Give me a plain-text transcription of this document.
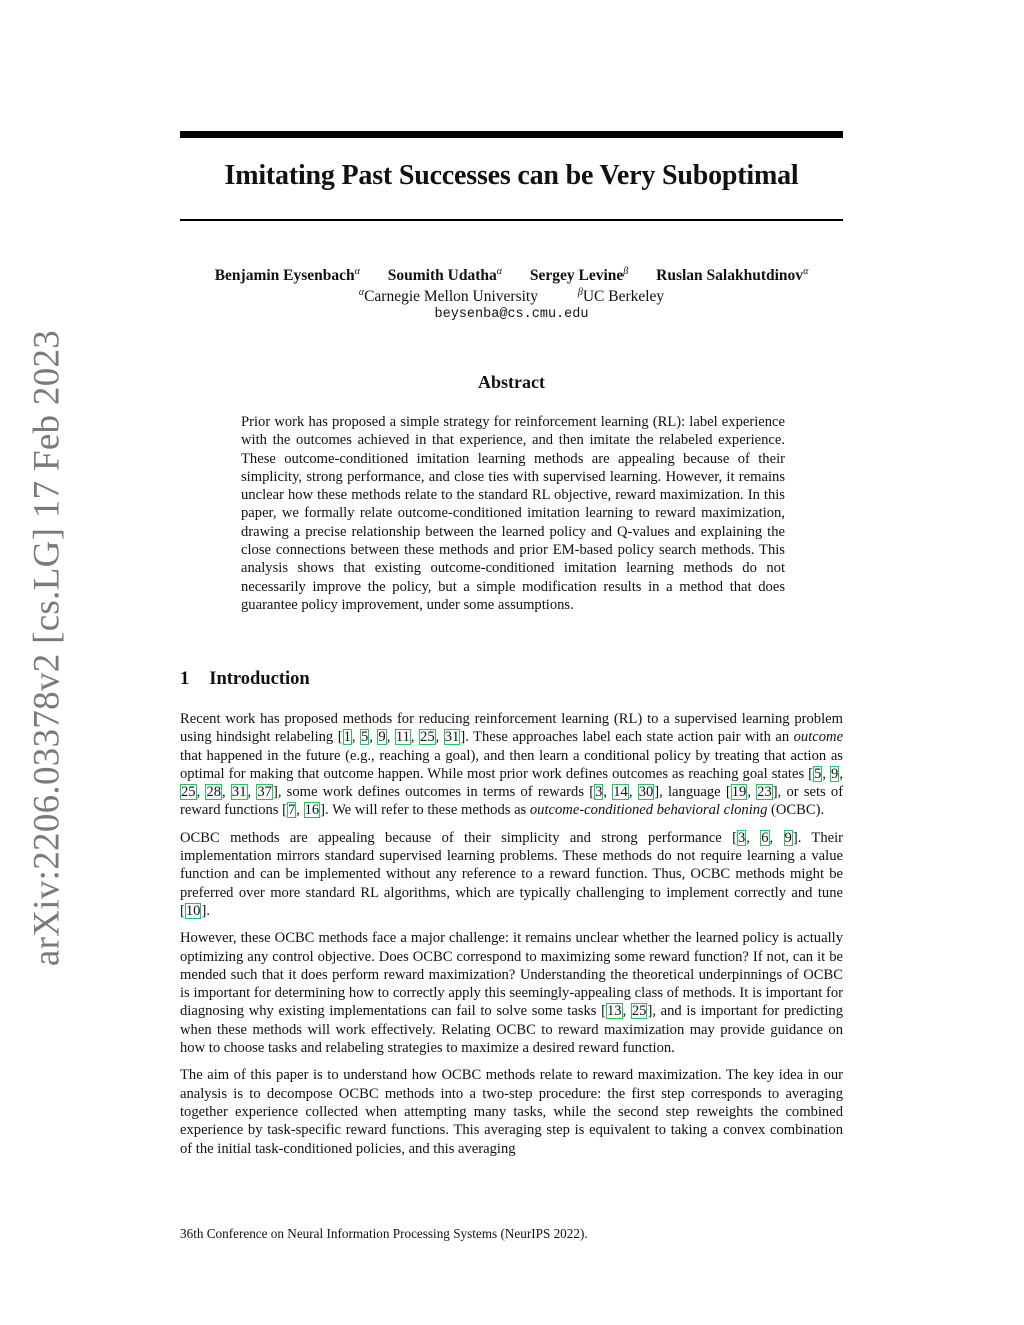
arXiv:2206.03378v2 [cs.LG] 17 Feb 2023
Imitating Past Successes can be Very Suboptimal
Benjamin Eysenbach$^\alpha$ Soumith Udatha$^\alpha$ Sergey Levine$^\beta$ Ruslan Salakhutdinov$^\alpha$
$^\alpha$Carnegie Mellon University	$^\beta$UC Berkeley
beysenba@cs.cmu.edu
Abstract
Prior work has proposed a simple strategy for reinforcement learning (RL): label experience with the outcomes achieved in that experience, and then imitate the relabeled experience. These outcome-conditioned imitation learning methods are appealing because of their simplicity, strong performance, and close ties with supervised learning. However, it remains unclear how these methods relate to the standard RL objective, reward maximization. In this paper, we formally relate outcome-conditioned imitation learning to reward maximization, drawing a precise relationship between the learned policy and Q-values and explaining the close connections between these methods and prior EM-based policy search methods. This analysis shows that existing outcome-conditioned imitation learning methods do not necessarily improve the policy, but a simple modification results in a method that does guarantee policy improvement, under some assumptions.
1 Introduction

Recent work has proposed methods for reducing reinforcement learning (RL) to a supervised learning problem using hindsight relabeling [1, 5, 9, 11, 25, 31]. These approaches label each state action pair with an outcome that happened in the future (e.g., reaching a goal), and then learn a conditional policy by treating that action as optimal for making that outcome happen. While most prior work defines outcomes as reaching goal states [5, 9, 25, 28, 31, 37], some work defines outcomes in terms of rewards [3, 14, 30], language [19, 23], or sets of reward functions [7, 16]. We will refer to these methods as outcome-conditioned behavioral cloning (OCBC).

OCBC methods are appealing because of their simplicity and strong performance [3, 6, 9]. Their implementation mirrors standard supervised learning problems. These methods do not require learning a value function and can be implemented without any reference to a reward function. Thus, OCBC methods might be preferred over more standard RL algorithms, which are typically challenging to implement correctly and tune [10].

However, these OCBC methods face a major challenge: it remains unclear whether the learned policy is actually optimizing any control objective. Does OCBC correspond to maximizing some reward function? If not, can it be mended such that it does perform reward maximization? Understanding the theoretical underpinnings of OCBC is important for determining how to correctly apply this seemingly-appealing class of methods. It is important for diagnosing why existing implementations can fail to solve some tasks [13, 25], and is important for predicting when these methods will work effectively. Relating OCBC to reward maximization may provide guidance on how to choose tasks and relabeling strategies to maximize a desired reward function.

The aim of this paper is to understand how OCBC methods relate to reward maximization. The key idea in our analysis is to decompose OCBC methods into a two-step procedure: the first step corresponds to averaging together experience collected when attempting many tasks, while the second step reweights the combined experience by task-specific reward functions. This averaging step is equivalent to taking a convex combination of the initial task-conditioned policies, and this averaging

36th Conference on Neural Information Processing Systems (NeurIPS 2022).
